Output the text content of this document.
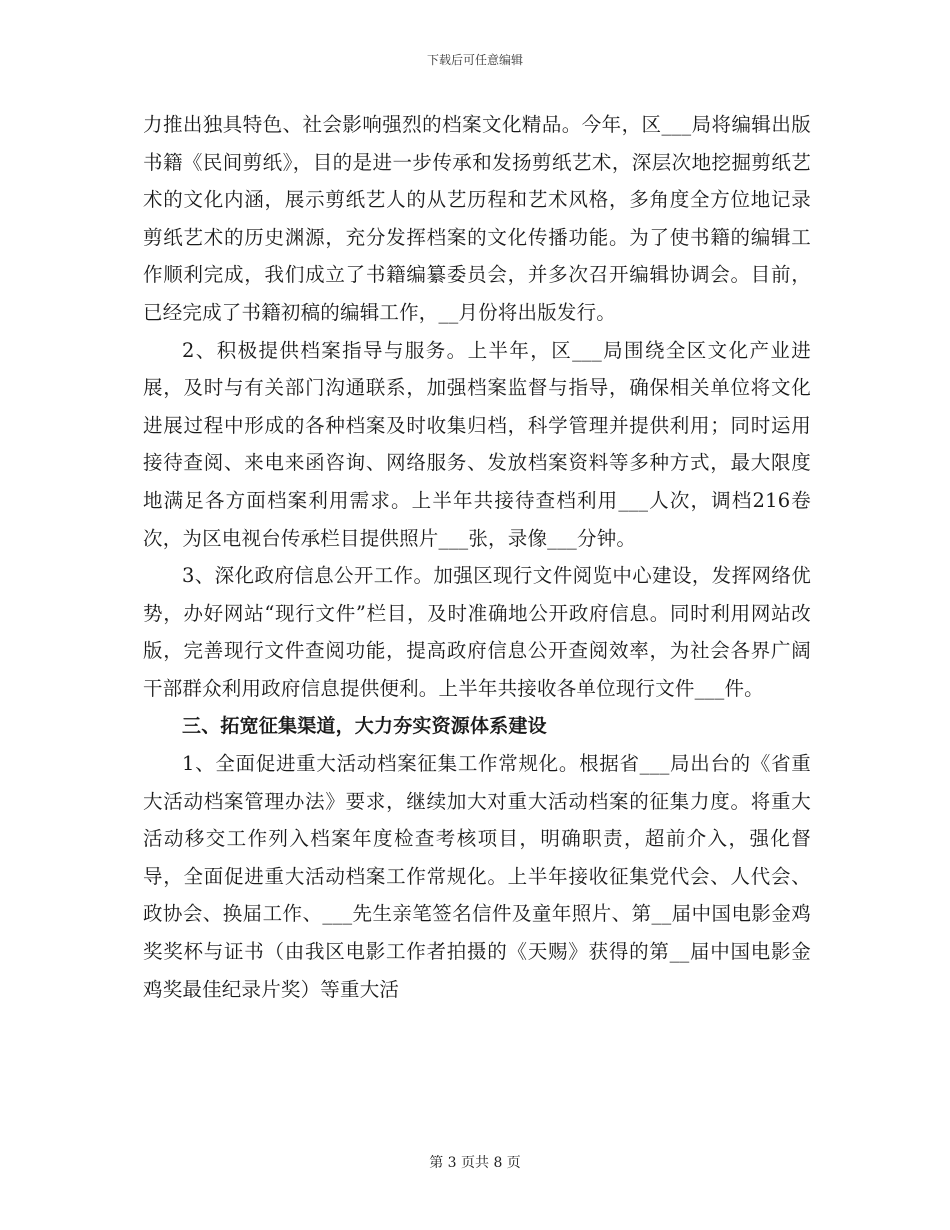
下载后可任意编辑

力推出独具特色、社会影响强烈的档案文化精品。今年，区___局将编辑出版书籍《民间剪纸》，目的是进一步传承和发扬剪纸艺术，深层次地挖掘剪纸艺术的文化内涵，展示剪纸艺人的从艺历程和艺术风格，多角度全方位地记录剪纸艺术的历史渊源，充分发挥档案的文化传播功能。为了使书籍的编辑工作顺利完成，我们成立了书籍编纂委员会，并多次召开编辑协调会。目前，已经完成了书籍初稿的编辑工作，__月份将出版发行。

2、积极提供档案指导与服务。上半年，区___局围绕全区文化产业进展，及时与有关部门沟通联系，加强档案监督与指导，确保相关单位将文化进展过程中形成的各种档案及时收集归档，科学管理并提供利用；同时运用接待查阅、来电来函咨询、网络服务、发放档案资料等多种方式，最大限度地满足各方面档案利用需求。上半年共接待查档利用___人次，调档216卷次，为区电视台传承栏目提供照片___张，录像___分钟。

3、深化政府信息公开工作。加强区现行文件阅览中心建设，发挥网络优势，办好网站“现行文件”栏目，及时准确地公开政府信息。同时利用网站改版，完善现行文件查阅功能，提高政府信息公开查阅效率，为社会各界广阔干部群众利用政府信息提供便利。上半年共接收各单位现行文件___件。

三、拓宽征集渠道，大力夯实资源体系建设

1、全面促进重大活动档案征集工作常规化。根据省___局出台的《省重大活动档案管理办法》要求，继续加大对重大活动档案的征集力度。将重大活动移交工作列入档案年度检查考核项目，明确职责，超前介入，强化督导，全面促进重大活动档案工作常规化。上半年接收征集党代会、人代会、政协会、换届工作、___先生亲笔签名信件及童年照片、第__届中国电影金鸡奖奖杯与证书（由我区电影工作者拍摄的《天赐》获得的第__届中国电影金鸡奖最佳纪录片奖）等重大活

第 3 页共 8 页
